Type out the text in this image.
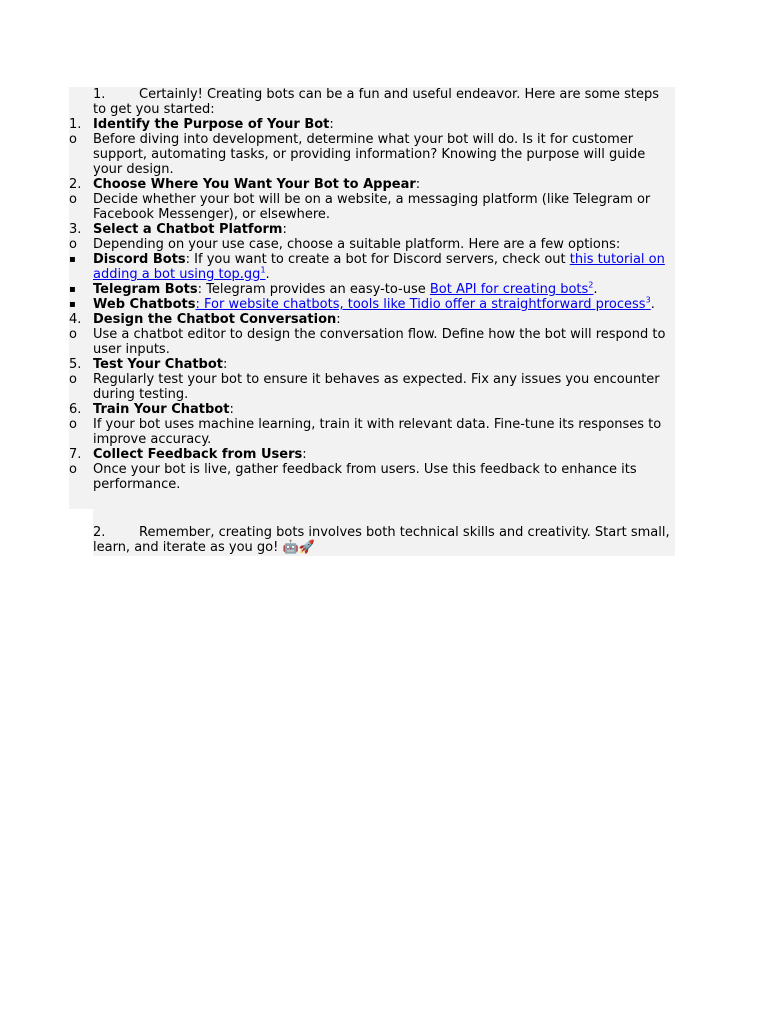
1.	Certainly! Creating bots can be a fun and useful endeavor. Here are some steps to get you started:
1. Identify the Purpose of Your Bot:
o Before diving into development, determine what your bot will do. Is it for customer support, automating tasks, or providing information? Knowing the purpose will guide your design.
2. Choose Where You Want Your Bot to Appear:
o Decide whether your bot will be on a website, a messaging platform (like Telegram or Facebook Messenger), or elsewhere.
3. Select a Chatbot Platform:
o Depending on your use case, choose a suitable platform. Here are a few options:
▪ Discord Bots: If you want to create a bot for Discord servers, check out this tutorial on adding a bot using top.gg$^1$.
▪ Telegram Bots: Telegram provides an easy-to-use Bot API for creating bots$^2$.
▪ Web Chatbots: For website chatbots, tools like Tidio offer a straightforward process$^3$.
4. Design the Chatbot Conversation:
o Use a chatbot editor to design the conversation flow. Define how the bot will respond to user inputs.
5. Test Your Chatbot:
o Regularly test your bot to ensure it behaves as expected. Fix any issues you encounter during testing.
6. Train Your Chatbot:
o If your bot uses machine learning, train it with relevant data. Fine-tune its responses to improve accuracy.
7. Collect Feedback from Users:
o Once your bot is live, gather feedback from users. Use this feedback to enhance its performance.
2.	Remember, creating bots involves both technical skills and creativity. Start small, learn, and iterate as you go! 🤖🚀
